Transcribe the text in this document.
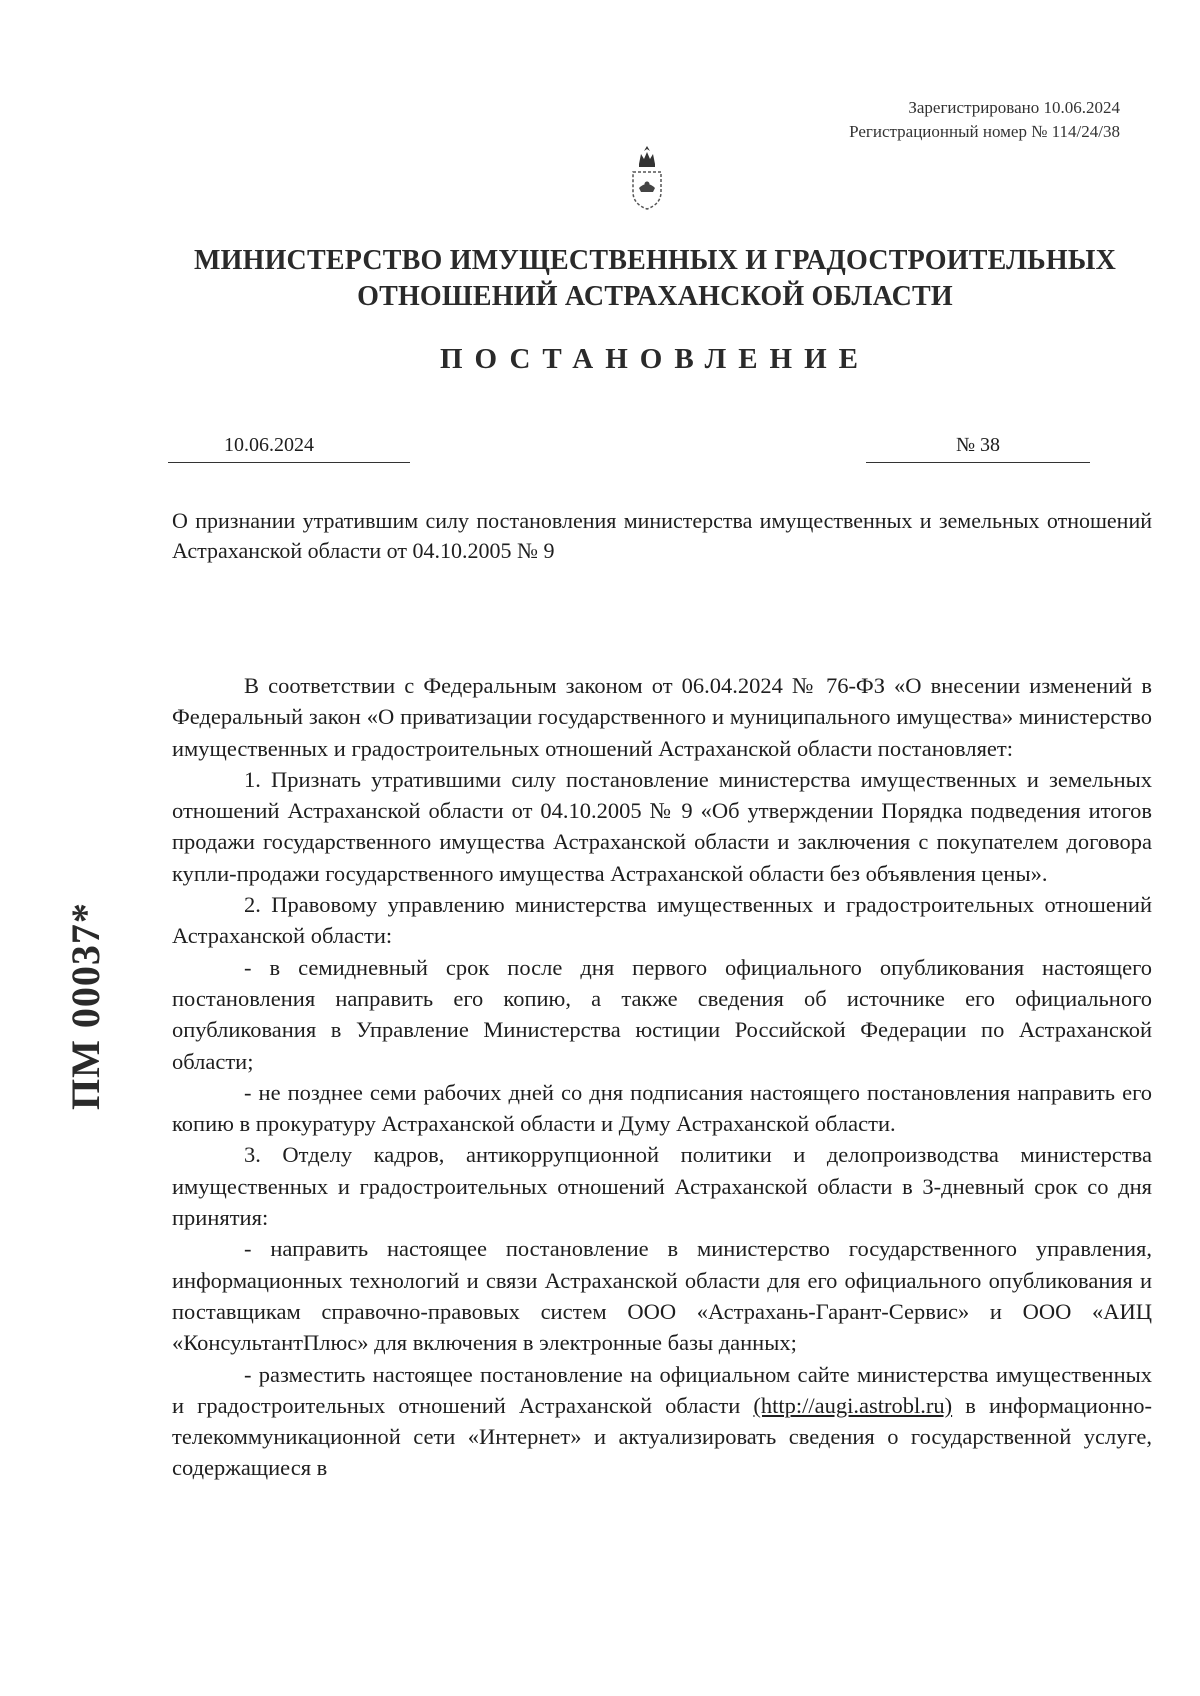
Зарегистрировано 10.06.2024
Регистрационный номер № 114/24/38
МИНИСТЕРСТВО ИМУЩЕСТВЕННЫХ И ГРАДОСТРОИТЕЛЬНЫХ
ОТНОШЕНИЙ АСТРАХАНСКОЙ ОБЛАСТИ
ПОСТАНОВЛЕНИЕ
10.06.2024	№ 38
О признании утратившим силу постановления министерства имущественных и земельных отношений Астраханской области от 04.10.2005 № 9

В соответствии с Федеральным законом от 06.04.2024 № 76-ФЗ «О внесении изменений в Федеральный закон «О приватизации государственного и муниципального имущества» министерство имущественных и градостроительных отношений Астраханской области постановляет:

1. Признать утратившими силу постановление министерства имущественных и земельных отношений Астраханской области от 04.10.2005 № 9 «Об утверждении Порядка подведения итогов продажи государственного имущества Астраханской области и заключения с покупателем договора купли-продажи государственного имущества Астраханской области без объявления цены».

2. Правовому управлению министерства имущественных и градостроительных отношений Астраханской области:

- в семидневный срок после дня первого официального опубликования настоящего постановления направить его копию, а также сведения об источнике его официального опубликования в Управление Министерства юстиции Российской Федерации по Астраханской области;

- не позднее семи рабочих дней со дня подписания настоящего постановления направить его копию в прокуратуру Астраханской области и Думу Астраханской области.

3. Отделу кадров, антикоррупционной политики и делопроизводства министерства имущественных и градостроительных отношений Астраханской области в 3-дневный срок со дня принятия:

- направить настоящее постановление в министерство государственного управления, информационных технологий и связи Астраханской области для его официального опубликования и поставщикам справочно-правовых систем ООО «Астрахань-Гарант-Сервис» и ООО «АИЦ «КонсультантПлюс» для включения в электронные базы данных;

- разместить настоящее постановление на официальном сайте министерства имущественных и градостроительных отношений Астраханской области (http://augi.astrobl.ru) в информационно-телекоммуникационной сети «Интернет» и актуализировать сведения о государственной услуге, содержащиеся в

ПМ 00037*
